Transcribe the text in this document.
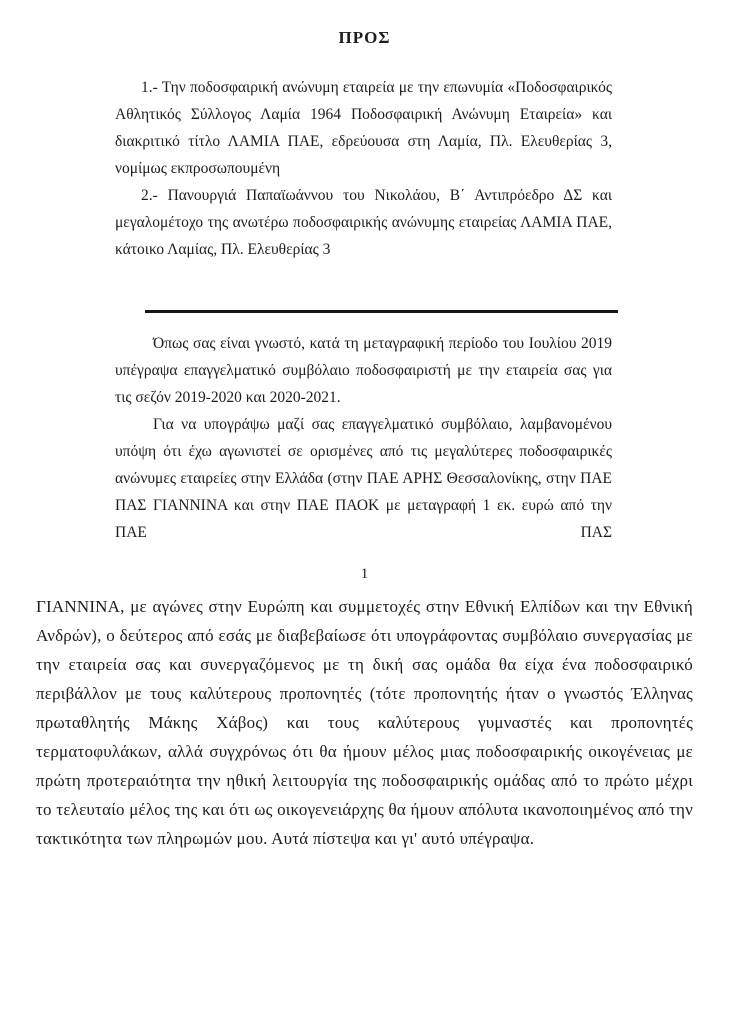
ΠΡΟΣ

1.- Την ποδοσφαιρική ανώνυμη εταιρεία με την επωνυμία «Ποδοσφαιρικός Αθλητικός Σύλλογος Λαμία 1964 Ποδοσφαιρική Ανώνυμη Εταιρεία» και διακριτικό τίτλο ΛΑΜΙΑ ΠΑΕ, εδρεύουσα στη Λαμία, Πλ. Ελευθερίας 3, νομίμως εκπροσωπουμένη

2.- Πανουργιά Παπαϊωάννου του Νικολάου, Β΄ Αντιπρόεδρο ΔΣ και μεγαλομέτοχο της ανωτέρω ποδοσφαιρικής ανώνυμης εταιρείας ΛΑΜΙΑ ΠΑΕ, κάτοικο Λαμίας, Πλ. Ελευθερίας 3

Όπως σας είναι γνωστό, κατά τη μεταγραφική περίοδο του Ιουλίου 2019 υπέγραψα επαγγελματικό συμβόλαιο ποδοσφαιριστή με την εταιρεία σας για τις σεζόν 2019-2020 και 2020-2021.

Για να υπογράψω μαζί σας επαγγελματικό συμβόλαιο, λαμβανομένου υπόψη ότι έχω αγωνιστεί σε ορισμένες από τις μεγαλύτερες ποδοσφαιρικές ανώνυμες εταιρείες στην Ελλάδα (στην ΠΑΕ ΑΡΗΣ Θεσσαλονίκης, στην ΠΑΕ ΠΑΣ ΓΙΑΝΝΙΝΑ και στην ΠΑΕ ΠΑΟΚ με μεταγραφή 1 εκ. ευρώ από την ΠΑΕ ΠΑΣ

1

ΓΙΑΝΝΙΝΑ, με αγώνες στην Ευρώπη και συμμετοχές στην Εθνική Ελπίδων και την Εθνική Ανδρών), ο δεύτερος από εσάς με διαβεβαίωσε ότι υπογράφοντας συμβόλαιο συνεργασίας με την εταιρεία σας και συνεργαζόμενος με τη δική σας ομάδα θα είχα ένα ποδοσφαιρικό περιβάλλον με τους καλύτερους προπονητές (τότε προπονητής ήταν ο γνωστός Έλληνας πρωταθλητής Μάκης Χάβος) και τους καλύτερους γυμναστές και προπονητές τερματοφυλάκων, αλλά συγχρόνως ότι θα ήμουν μέλος μιας ποδοσφαιρικής οικογένειας με πρώτη προτεραιότητα την ηθική λειτουργία της ποδοσφαιρικής ομάδας από το πρώτο μέχρι το τελευταίο μέλος της και ότι ως οικογενειάρχης θα ήμουν απόλυτα ικανοποιημένος από την τακτικότητα των πληρωμών μου. Αυτά πίστεψα και γι' αυτό υπέγραψα.
